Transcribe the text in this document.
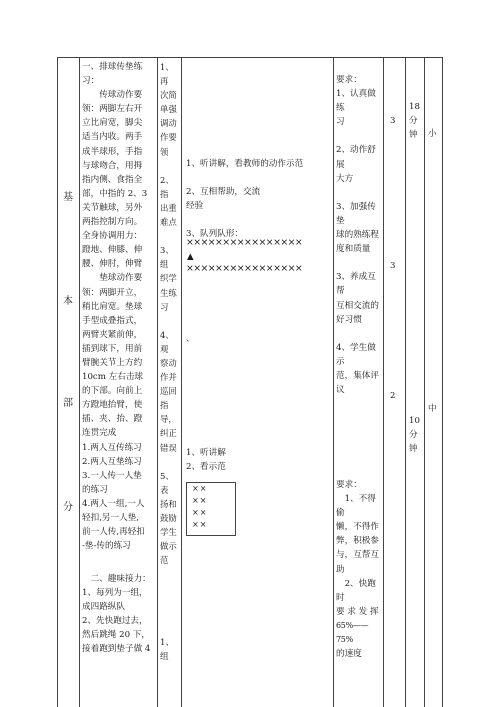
基
本
部
分

一、排球传垫练

习：

　　传球动作要

领：两脚左右开

立比肩宽，脚尖

适当内收。两手

成半球形，手指

与球吻合，用拇

指内侧、食指全

部，中指的 2、3

关节触球，另外

两指控制方向。

全身协调用力：

蹬地、伸膝、伸

腰、伸肘，伸臂

　　垫球动作要

领：两脚开立，

稍比肩宽。垫球

手型成叠指式，

两臂夹紧前伸，

插到球下，用前

臂腕关节上方约

10cm 左右击球

的下部。向前上

方蹬地抬臂，使

插、夹、抬、蹬

连贯完成

1.两人互传练习

2.两人互垫练习

3.一人传一人垫

的练习

4.两人一组,一人

轻扣,另一人垫,

前一人传,再轻扣

-垫-传的练习

　二、趣味接力：

1、每列为一组，

成四路纵队

2、先快跑过去，

然后跳绳 20 下，

接着跑到垫子做 4

1、再

次简

单强

调动

作要

领

2、指

出重

难点

3、组

织学

生练

习

4、观

察动

作并

巡回

指

导，

纠正

错误

5、表

扬和

鼓励

学生

做示

范

1、组

1、听讲解，看教师的动作示范

2、互相帮助，交流

经验

3、队列队形：

××××××××××××××××
▲
××××××××××××××××
、

1、听讲解

2、看示范

××
××
××
××

要求：

1、认真做练

习

2、动作舒展

大方

3、加强传垫

球的熟练程

度和质量

3、养成互帮

互相交流的

好习惯

4、学生做示

范，集体评

议

要求：

　1、不得偷

懒，不得作

弊，积极参

与，互帮互

助

　2、快跑时

要 求 发 挥

65%——75%

的速度

3
3
2

18

分

钟

10

分

钟

小
中
